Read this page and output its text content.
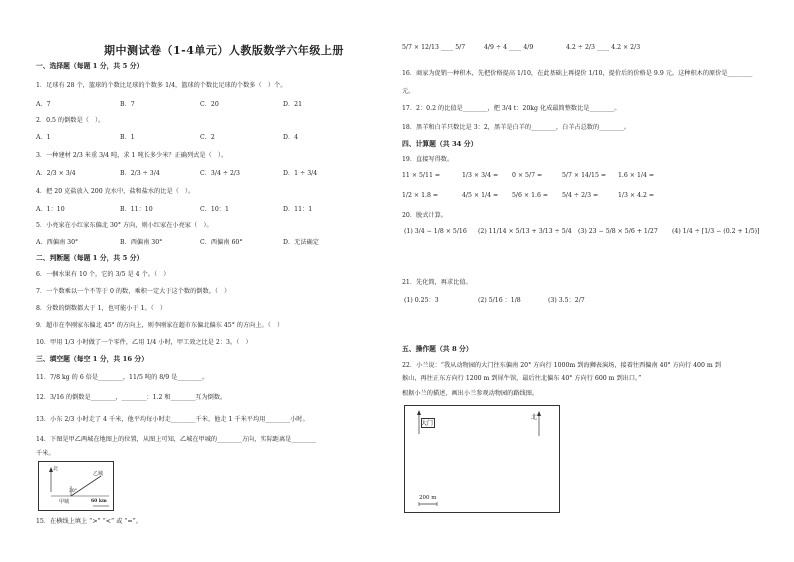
期中测试卷（1-4单元）人教版数学六年级上册
一、选择题（每题 1 分，共 5 分）
1．足球有 28 个，篮球的个数比足球的个数多 1/4，篮球的个数比足球的个数多（　）个。
A．7	B．7	C．20	D．21
2．0.5 的倒数是（　）。
A．1	B．1	C．2	D．4
3．一种建材 2/3 米重 3/4 吨，求 1 吨长多少米？正确列式是（　）。
A．2/3 × 3/4	B．2/3 ÷ 3/4	C．3/4 ÷ 2/3	D．1 ÷ 3/4
4．把 20 克盐放入 200 克水中，盐和盐水的比是（　）。
A．1：10	B．11：10	C．10：1	D．11：1
5．小亮家在小红家东偏北 30° 方向，则小红家在小亮家（　）。
A．西偏南 30°	B．西偏南 30°	C．西偏南 60°	D．无法确定
二、判断题（每题 1 分，共 5 分）
6．一捆水果有 10 个，它的 3/5 是 4 个。（　）
7．一个数乘以一个不等于 0 的数，乘积一定大于这个数的倒数。（　）
8．分数的倒数都大于 1，也可能小于 1。（　）
9．超市在李刚家东偏北 45° 的方向上，则李刚家在超市东偏北偏东 45° 的方向上。（　）
10．甲用 1/3 小时做了一个零件，乙用 1/4 小时，甲工效之比是 2：3。（　）
三、填空题（每空 1 分，共 16 分）
11．7/8 kg 的 6 倍是________，11/5 吨的 8/9 是________。
12．3/16 的倒数是________，________：1.2 和________互为倒数。
13．小东 2/3 小时走了 4 千米，他平均每小时走________千米，他走 1 千米平均用________小时。
14．下图是甲乙两城在地图上的位置，从图上可知，乙城在甲城的________方向，实际距离是________
千米。
北
乙城
30°
甲城	60 km
15．在横线上填上 “>” “<” 或 “=”。
5/7 × 12/13 ____ 5/7	4/9 ÷ 4 ____ 4/9	4.2 ÷ 2/3 ____ 4.2 × 2/3
16．商家为促销一种积木，先把价格提高 1/10，在此基础上再提价 1/10，提价后的价格是 9.9 元。这种积木的原价是________
元。
17．2：0.2 的比值是________，把 3/4 t：20kg 化成最简整数比是________。
18．黑羊和白羊只数比是 3：2，黑羊是白羊的________，白羊占总数的________。
四、计算题（共 34 分）
19．直接写得数。
11 × 5/11 =	1/3 × 3/4 = 0 × 5/7 =	5/7 × 14/15 = 1.6 × 1/4 =
1/2 × 1.8 =	4/5 × 1/4 = 5/6 × 1.6 = 5/4 ÷ 2/3 =	1/3 × 4.2 =
20．脱式计算。
(1) 3/4 − 1/8 × 5/16 (2) 11/14 × 5/13 + 3/13 ÷ 5/4 (3) 23 − 5/8 × 5/6 + 1/27 (4) 1/4 ÷ [1/3 − (0.2 + 1/5)]
21．先化简，再求比值。
(1) 0.25：3	(2) 5/16 ：1/8	(3) 3.5：2/7
五、操作题（共 8 分）
22．小兰说：“我从动物园的大门往东偏南 20° 方向行 1000m 到海狮表演场，接着往西偏南 40° 方向行 400 m 到
猴山，再往正东方向行 1200 m 到犀牛馆，最后往北偏东 40° 方向行 600 m 到出口。”
根据小兰的描述，画出小兰参观动物园的路线图。
大门
北
200 m
